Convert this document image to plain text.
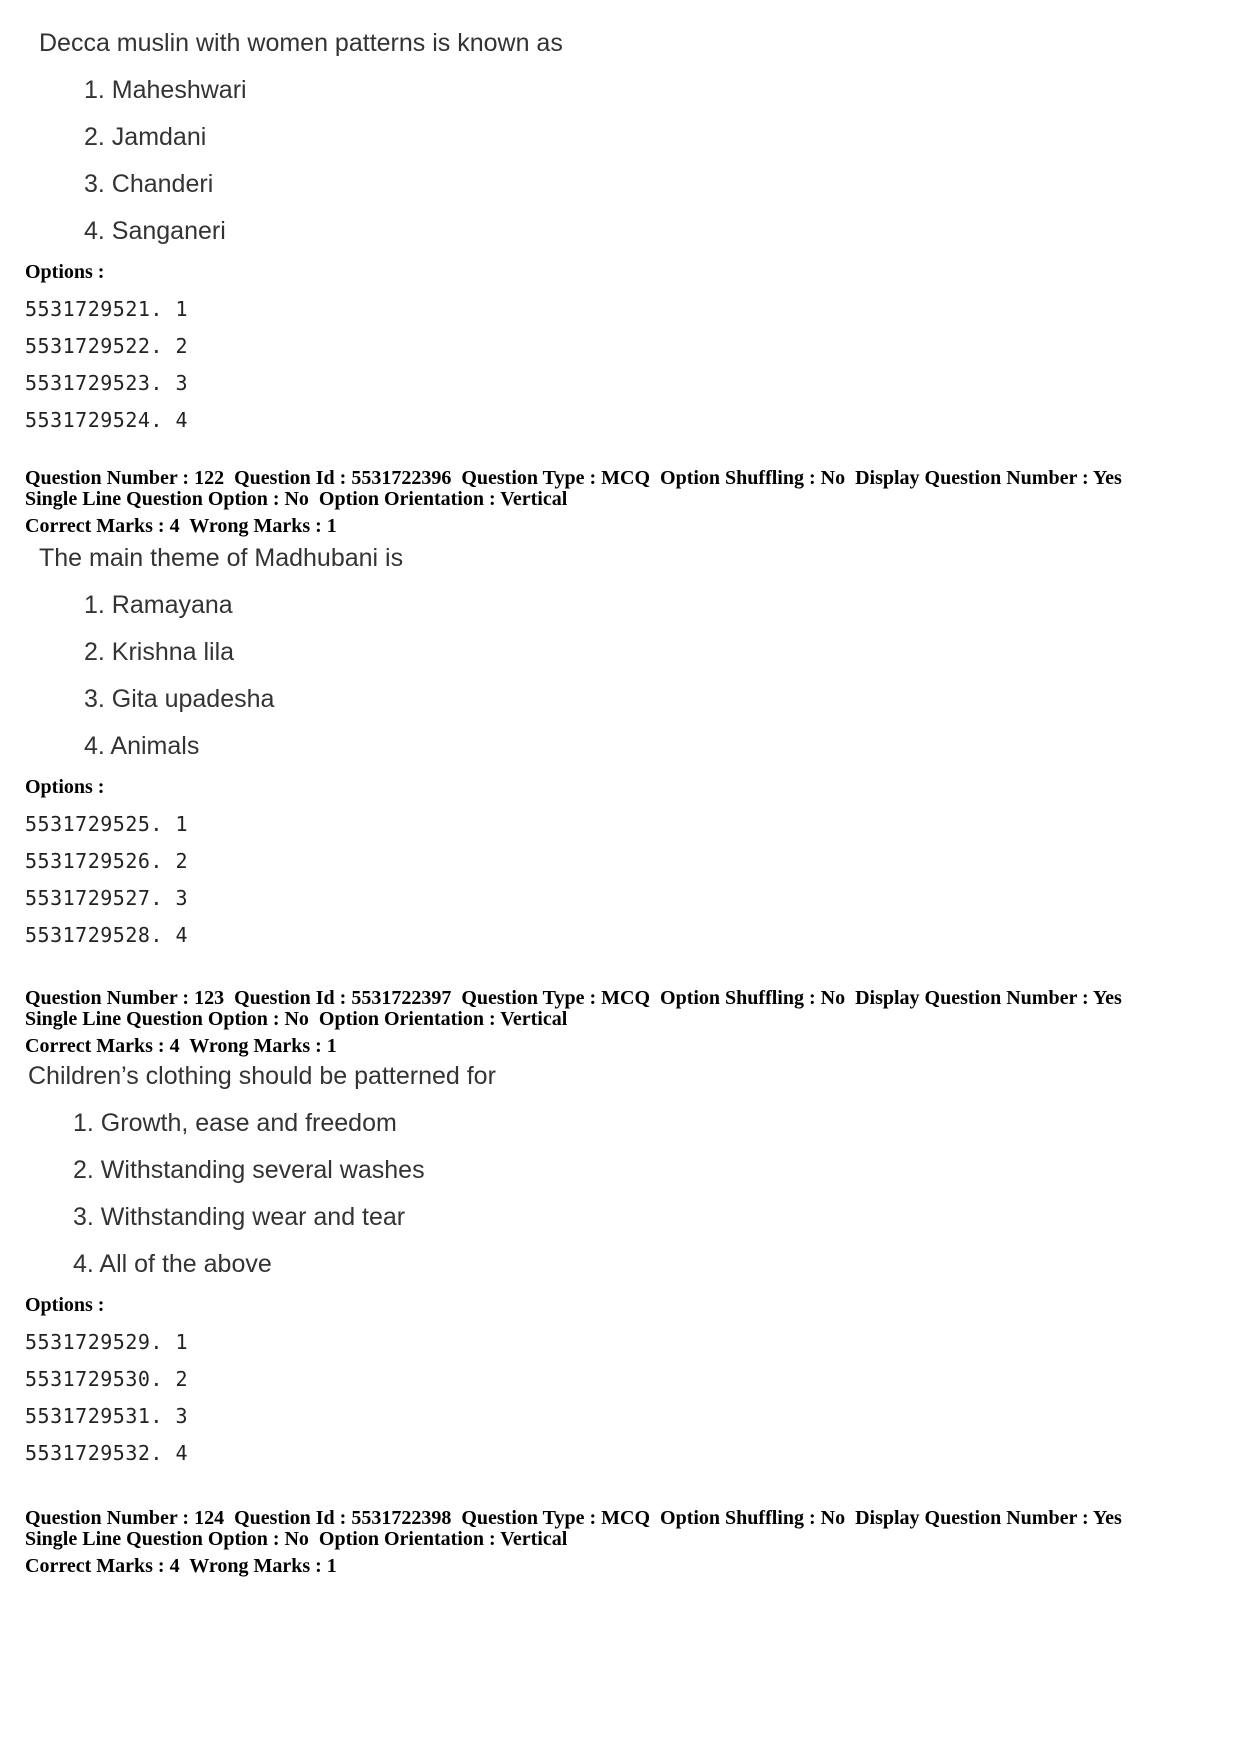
Decca muslin with women patterns is known as
1. Maheshwari
2. Jamdani
3. Chanderi
4. Sanganeri
Options :
5531729521. 1
5531729522. 2
5531729523. 3
5531729524. 4
Question Number : 122  Question Id : 5531722396  Question Type : MCQ  Option Shuffling : No  Display Question Number : Yes
Single Line Question Option : No  Option Orientation : Vertical
Correct Marks : 4  Wrong Marks : 1
The main theme of Madhubani is
1. Ramayana
2. Krishna lila
3. Gita upadesha
4. Animals
Options :
5531729525. 1
5531729526. 2
5531729527. 3
5531729528. 4
Question Number : 123  Question Id : 5531722397  Question Type : MCQ  Option Shuffling : No  Display Question Number : Yes
Single Line Question Option : No  Option Orientation : Vertical
Correct Marks : 4  Wrong Marks : 1
Children’s clothing should be patterned for
1. Growth, ease and freedom
2. Withstanding several washes
3. Withstanding wear and tear
4. All of the above
Options :
5531729529. 1
5531729530. 2
5531729531. 3
5531729532. 4
Question Number : 124  Question Id : 5531722398  Question Type : MCQ  Option Shuffling : No  Display Question Number : Yes
Single Line Question Option : No  Option Orientation : Vertical
Correct Marks : 4  Wrong Marks : 1
